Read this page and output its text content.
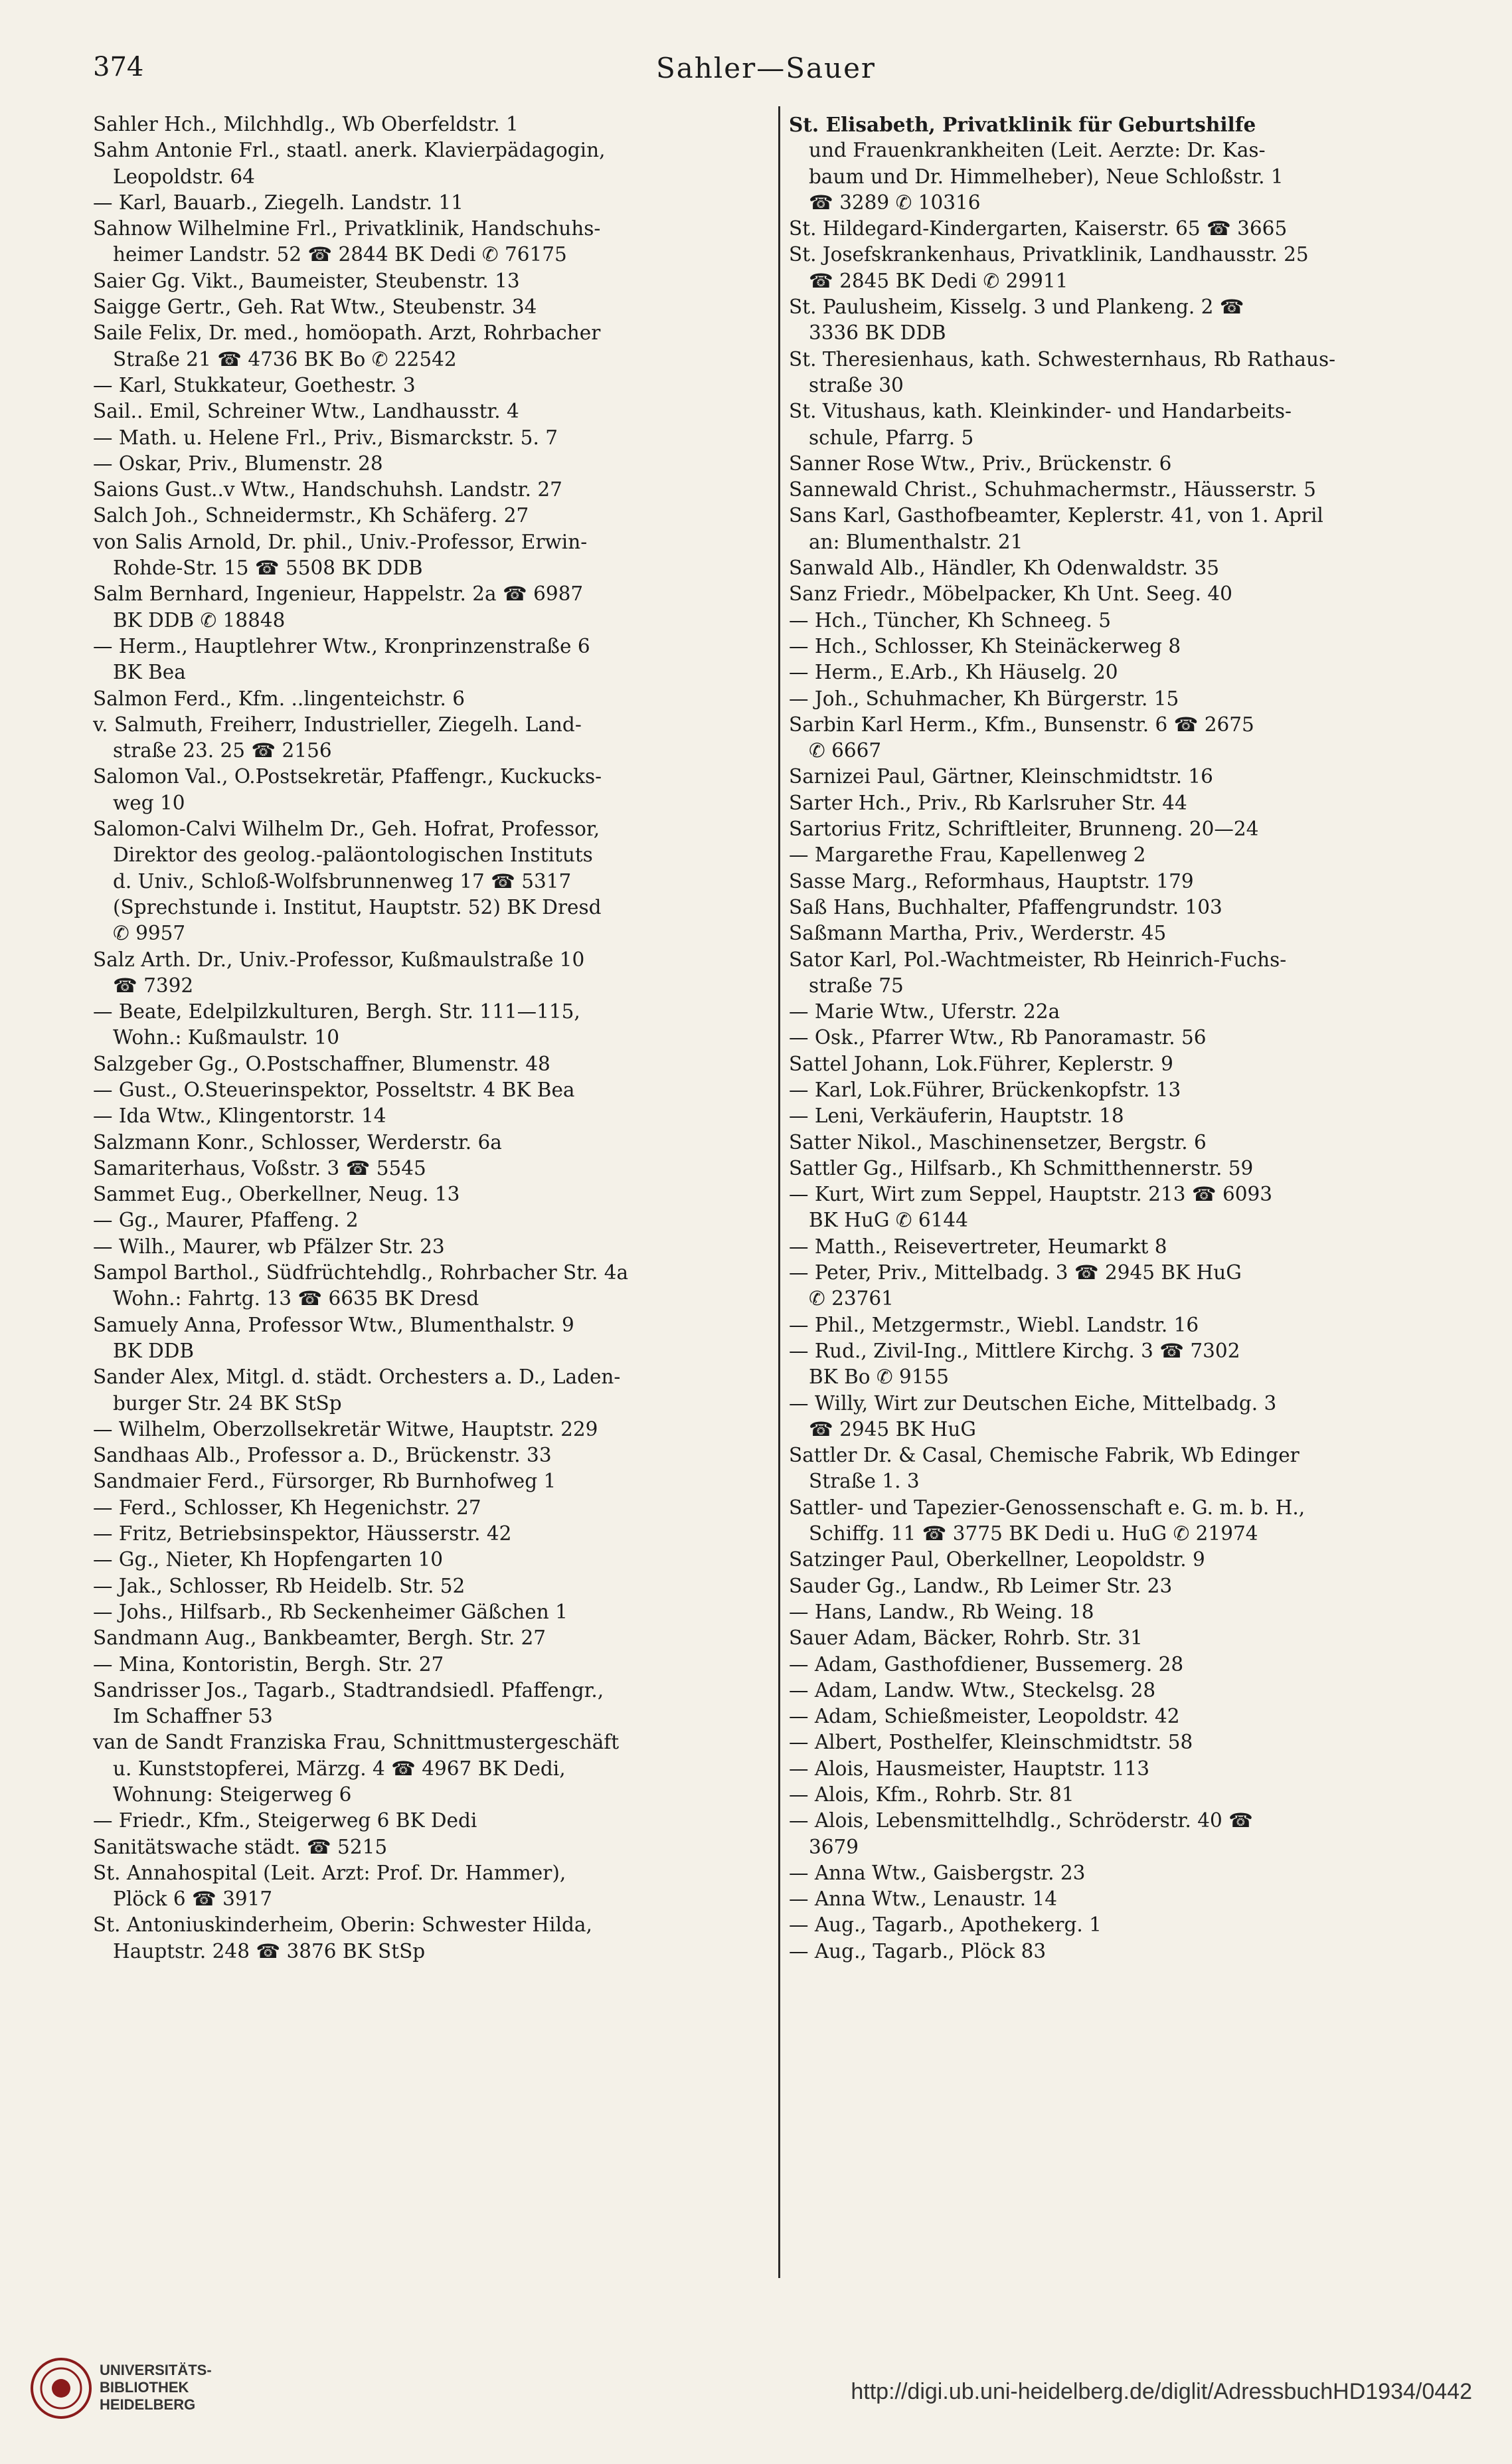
374	Sahler—Sauer
Sahler Hch., Milchhdlg., Wb Oberfeldstr. 1
Sahm Antonie Frl., staatl. anerk. Klavierpädagogin,
Leopoldstr. 64
— Karl, Bauarb., Ziegelh. Landstr. 11
Sahnow Wilhelmine Frl., Privatklinik, Handschuhs-
heimer Landstr. 52 ☎ 2844 BK Dedi ✆ 76175
Saier Gg. Vikt., Baumeister, Steubenstr. 13
Saigge Gertr., Geh. Rat Wtw., Steubenstr. 34
Saile Felix, Dr. med., homöopath. Arzt, Rohrbacher
Straße 21 ☎ 4736 BK Bo ✆ 22542
— Karl, Stukkateur, Goethestr. 3
Sail.. Emil, Schreiner Wtw., Landhausstr. 4
— Math. u. Helene Frl., Priv., Bismarckstr. 5. 7
— Oskar, Priv., Blumenstr. 28
Saions Gust..v Wtw., Handschuhsh. Landstr. 27
Salch Joh., Schneidermstr., Kh Schäferg. 27
von Salis Arnold, Dr. phil., Univ.-Professor, Erwin-
Rohde-Str. 15 ☎ 5508 BK DDB
Salm Bernhard, Ingenieur, Happelstr. 2a ☎ 6987
BK DDB ✆ 18848
— Herm., Hauptlehrer Wtw., Kronprinzenstraße 6
BK Bea
Salmon Ferd., Kfm. ..lingenteichstr. 6
v. Salmuth, Freiherr, Industrieller, Ziegelh. Land-
straße 23. 25 ☎ 2156
Salomon Val., O.Postsekretär, Pfaffengr., Kuckucks-
weg 10
Salomon-Calvi Wilhelm Dr., Geh. Hofrat, Professor,
Direktor des geolog.-paläontologischen Instituts
d. Univ., Schloß-Wolfsbrunnenweg 17 ☎ 5317
(Sprechstunde i. Institut, Hauptstr. 52) BK Dresd
✆ 9957
Salz Arth. Dr., Univ.-Professor, Kußmaulstraße 10
☎ 7392
— Beate, Edelpilzkulturen, Bergh. Str. 111—115,
Wohn.: Kußmaulstr. 10
Salzgeber Gg., O.Postschaffner, Blumenstr. 48
— Gust., O.Steuerinspektor, Posseltstr. 4 BK Bea
— Ida Wtw., Klingentorstr. 14
Salzmann Konr., Schlosser, Werderstr. 6a
Samariterhaus, Voßstr. 3 ☎ 5545
Sammet Eug., Oberkellner, Neug. 13
— Gg., Maurer, Pfaffeng. 2
— Wilh., Maurer, wb Pfälzer Str. 23
Sampol Barthol., Südfrüchtehdlg., Rohrbacher Str. 4a
Wohn.: Fahrtg. 13 ☎ 6635 BK Dresd
Samuely Anna, Professor Wtw., Blumenthalstr. 9
BK DDB
Sander Alex, Mitgl. d. städt. Orchesters a. D., Laden-
burger Str. 24 BK StSp
— Wilhelm, Oberzollsekretär Witwe, Hauptstr. 229
Sandhaas Alb., Professor a. D., Brückenstr. 33
Sandmaier Ferd., Fürsorger, Rb Burnhofweg 1
— Ferd., Schlosser, Kh Hegenichstr. 27
— Fritz, Betriebsinspektor, Häusserstr. 42
— Gg., Nieter, Kh Hopfengarten 10
— Jak., Schlosser, Rb Heidelb. Str. 52
— Johs., Hilfsarb., Rb Seckenheimer Gäßchen 1
Sandmann Aug., Bankbeamter, Bergh. Str. 27
— Mina, Kontoristin, Bergh. Str. 27
Sandrisser Jos., Tagarb., Stadtrandsiedl. Pfaffengr.,
Im Schaffner 53
van de Sandt Franziska Frau, Schnittmustergeschäft
u. Kunststopferei, Märzg. 4 ☎ 4967 BK Dedi,
Wohnung: Steigerweg 6
— Friedr., Kfm., Steigerweg 6 BK Dedi
Sanitätswache städt. ☎ 5215
St. Annahospital (Leit. Arzt: Prof. Dr. Hammer),
Plöck 6 ☎ 3917
St. Antoniuskinderheim, Oberin: Schwester Hilda,
Hauptstr. 248 ☎ 3876 BK StSp
St. Elisabeth, Privatklinik für Geburtshilfe
und Frauenkrankheiten (Leit. Aerzte: Dr. Kas-
baum und Dr. Himmelheber), Neue Schloßstr. 1
☎ 3289 ✆ 10316
St. Hildegard-Kindergarten, Kaiserstr. 65 ☎ 3665
St. Josefskrankenhaus, Privatklinik, Landhausstr. 25
☎ 2845 BK Dedi ✆ 29911
St. Paulusheim, Kisselg. 3 und Plankeng. 2 ☎
3336 BK DDB
St. Theresienhaus, kath. Schwesternhaus, Rb Rathaus-
straße 30
St. Vitushaus, kath. Kleinkinder- und Handarbeits-
schule, Pfarrg. 5
Sanner Rose Wtw., Priv., Brückenstr. 6
Sannewald Christ., Schuhmachermstr., Häusserstr. 5
Sans Karl, Gasthofbeamter, Keplerstr. 41, von 1. April
an: Blumenthalstr. 21
Sanwald Alb., Händler, Kh Odenwaldstr. 35
Sanz Friedr., Möbelpacker, Kh Unt. Seeg. 40
— Hch., Tüncher, Kh Schneeg. 5
— Hch., Schlosser, Kh Steinäckerweg 8
— Herm., E.Arb., Kh Häuselg. 20
— Joh., Schuhmacher, Kh Bürgerstr. 15
Sarbin Karl Herm., Kfm., Bunsenstr. 6 ☎ 2675
✆ 6667
Sarnizei Paul, Gärtner, Kleinschmidtstr. 16
Sarter Hch., Priv., Rb Karlsruher Str. 44
Sartorius Fritz, Schriftleiter, Brunneng. 20—24
— Margarethe Frau, Kapellenweg 2
Sasse Marg., Reformhaus, Hauptstr. 179
Saß Hans, Buchhalter, Pfaffengrundstr. 103
Saßmann Martha, Priv., Werderstr. 45
Sator Karl, Pol.-Wachtmeister, Rb Heinrich-Fuchs-
straße 75
— Marie Wtw., Uferstr. 22a
— Osk., Pfarrer Wtw., Rb Panoramastr. 56
Sattel Johann, Lok.Führer, Keplerstr. 9
— Karl, Lok.Führer, Brückenkopfstr. 13
— Leni, Verkäuferin, Hauptstr. 18
Satter Nikol., Maschinensetzer, Bergstr. 6
Sattler Gg., Hilfsarb., Kh Schmitthennerstr. 59
— Kurt, Wirt zum Seppel, Hauptstr. 213 ☎ 6093
BK HuG ✆ 6144
— Matth., Reisevertreter, Heumarkt 8
— Peter, Priv., Mittelbadg. 3 ☎ 2945 BK HuG
✆ 23761
— Phil., Metzgermstr., Wiebl. Landstr. 16
— Rud., Zivil-Ing., Mittlere Kirchg. 3 ☎ 7302
BK Bo ✆ 9155
— Willy, Wirt zur Deutschen Eiche, Mittelbadg. 3
☎ 2945 BK HuG
Sattler Dr. & Casal, Chemische Fabrik, Wb Edinger
Straße 1. 3
Sattler- und Tapezier-Genossenschaft e. G. m. b. H.,
Schiffg. 11 ☎ 3775 BK Dedi u. HuG ✆ 21974
Satzinger Paul, Oberkellner, Leopoldstr. 9
Sauder Gg., Landw., Rb Leimer Str. 23
— Hans, Landw., Rb Weing. 18
Sauer Adam, Bäcker, Rohrb. Str. 31
— Adam, Gasthofdiener, Bussemerg. 28
— Adam, Landw. Wtw., Steckelsg. 28
— Adam, Schießmeister, Leopoldstr. 42
— Albert, Posthelfer, Kleinschmidtstr. 58
— Alois, Hausmeister, Hauptstr. 113
— Alois, Kfm., Rohrb. Str. 81
— Alois, Lebensmittelhdlg., Schröderstr. 40 ☎
3679
— Anna Wtw., Gaisbergstr. 23
— Anna Wtw., Lenaustr. 14
— Aug., Tagarb., Apothekerg. 1
— Aug., Tagarb., Plöck 83
UNIVERSITÄTS-
BIBLIOTHEK
HEIDELBERG
http://digi.ub.uni-heidelberg.de/diglit/AdressbuchHD1934/0442
